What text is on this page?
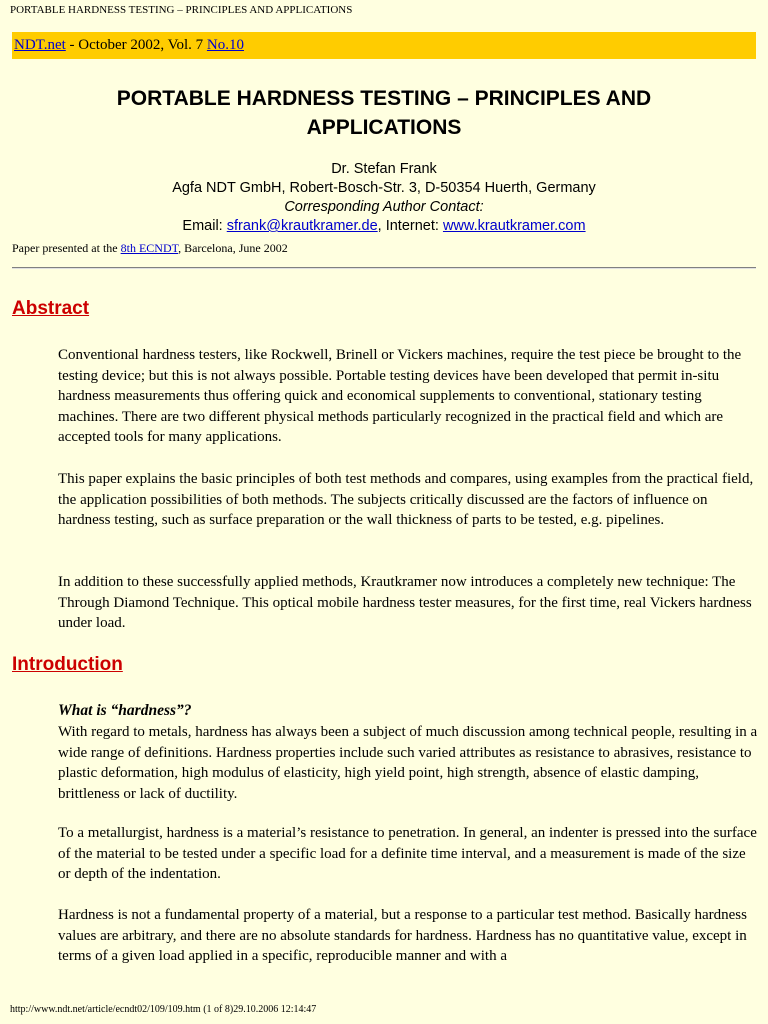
PORTABLE HARDNESS TESTING – PRINCIPLES AND APPLICATIONS
NDT.net - October 2002, Vol. 7 No.10
PORTABLE HARDNESS TESTING – PRINCIPLES AND APPLICATIONS
Dr. Stefan Frank
Agfa NDT GmbH, Robert-Bosch-Str. 3, D-50354 Huerth, Germany
Corresponding Author Contact:
Email: sfrank@krautkramer.de, Internet: www.krautkramer.com
Paper presented at the 8th ECNDT, Barcelona, June 2002
Abstract
Conventional hardness testers, like Rockwell, Brinell or Vickers machines, require the test piece be brought to the testing device; but this is not always possible. Portable testing devices have been developed that permit in-situ hardness measurements thus offering quick and economical supplements to conventional, stationary testing machines. There are two different physical methods particularly recognized in the practical field and which are accepted tools for many applications.
This paper explains the basic principles of both test methods and compares, using examples from the practical field, the application possibilities of both methods. The subjects critically discussed are the factors of influence on hardness testing, such as surface preparation or the wall thickness of parts to be tested, e.g. pipelines.
In addition to these successfully applied methods, Krautkramer now introduces a completely new technique: The Through Diamond Technique. This optical mobile hardness tester measures, for the first time, real Vickers hardness under load.
Introduction
What is “hardness”?
With regard to metals, hardness has always been a subject of much discussion among technical people, resulting in a wide range of definitions. Hardness properties include such varied attributes as resistance to abrasives, resistance to plastic deformation, high modulus of elasticity, high yield point, high strength, absence of elastic damping, brittleness or lack of ductility.
To a metallurgist, hardness is a material’s resistance to penetration. In general, an indenter is pressed into the surface of the material to be tested under a specific load for a definite time interval, and a measurement is made of the size or depth of the indentation.
Hardness is not a fundamental property of a material, but a response to a particular test method. Basically hardness values are arbitrary, and there are no absolute standards for hardness. Hardness has no quantitative value, except in terms of a given load applied in a specific, reproducible manner and with a
http://www.ndt.net/article/ecndt02/109/109.htm (1 of 8)29.10.2006 12:14:47
